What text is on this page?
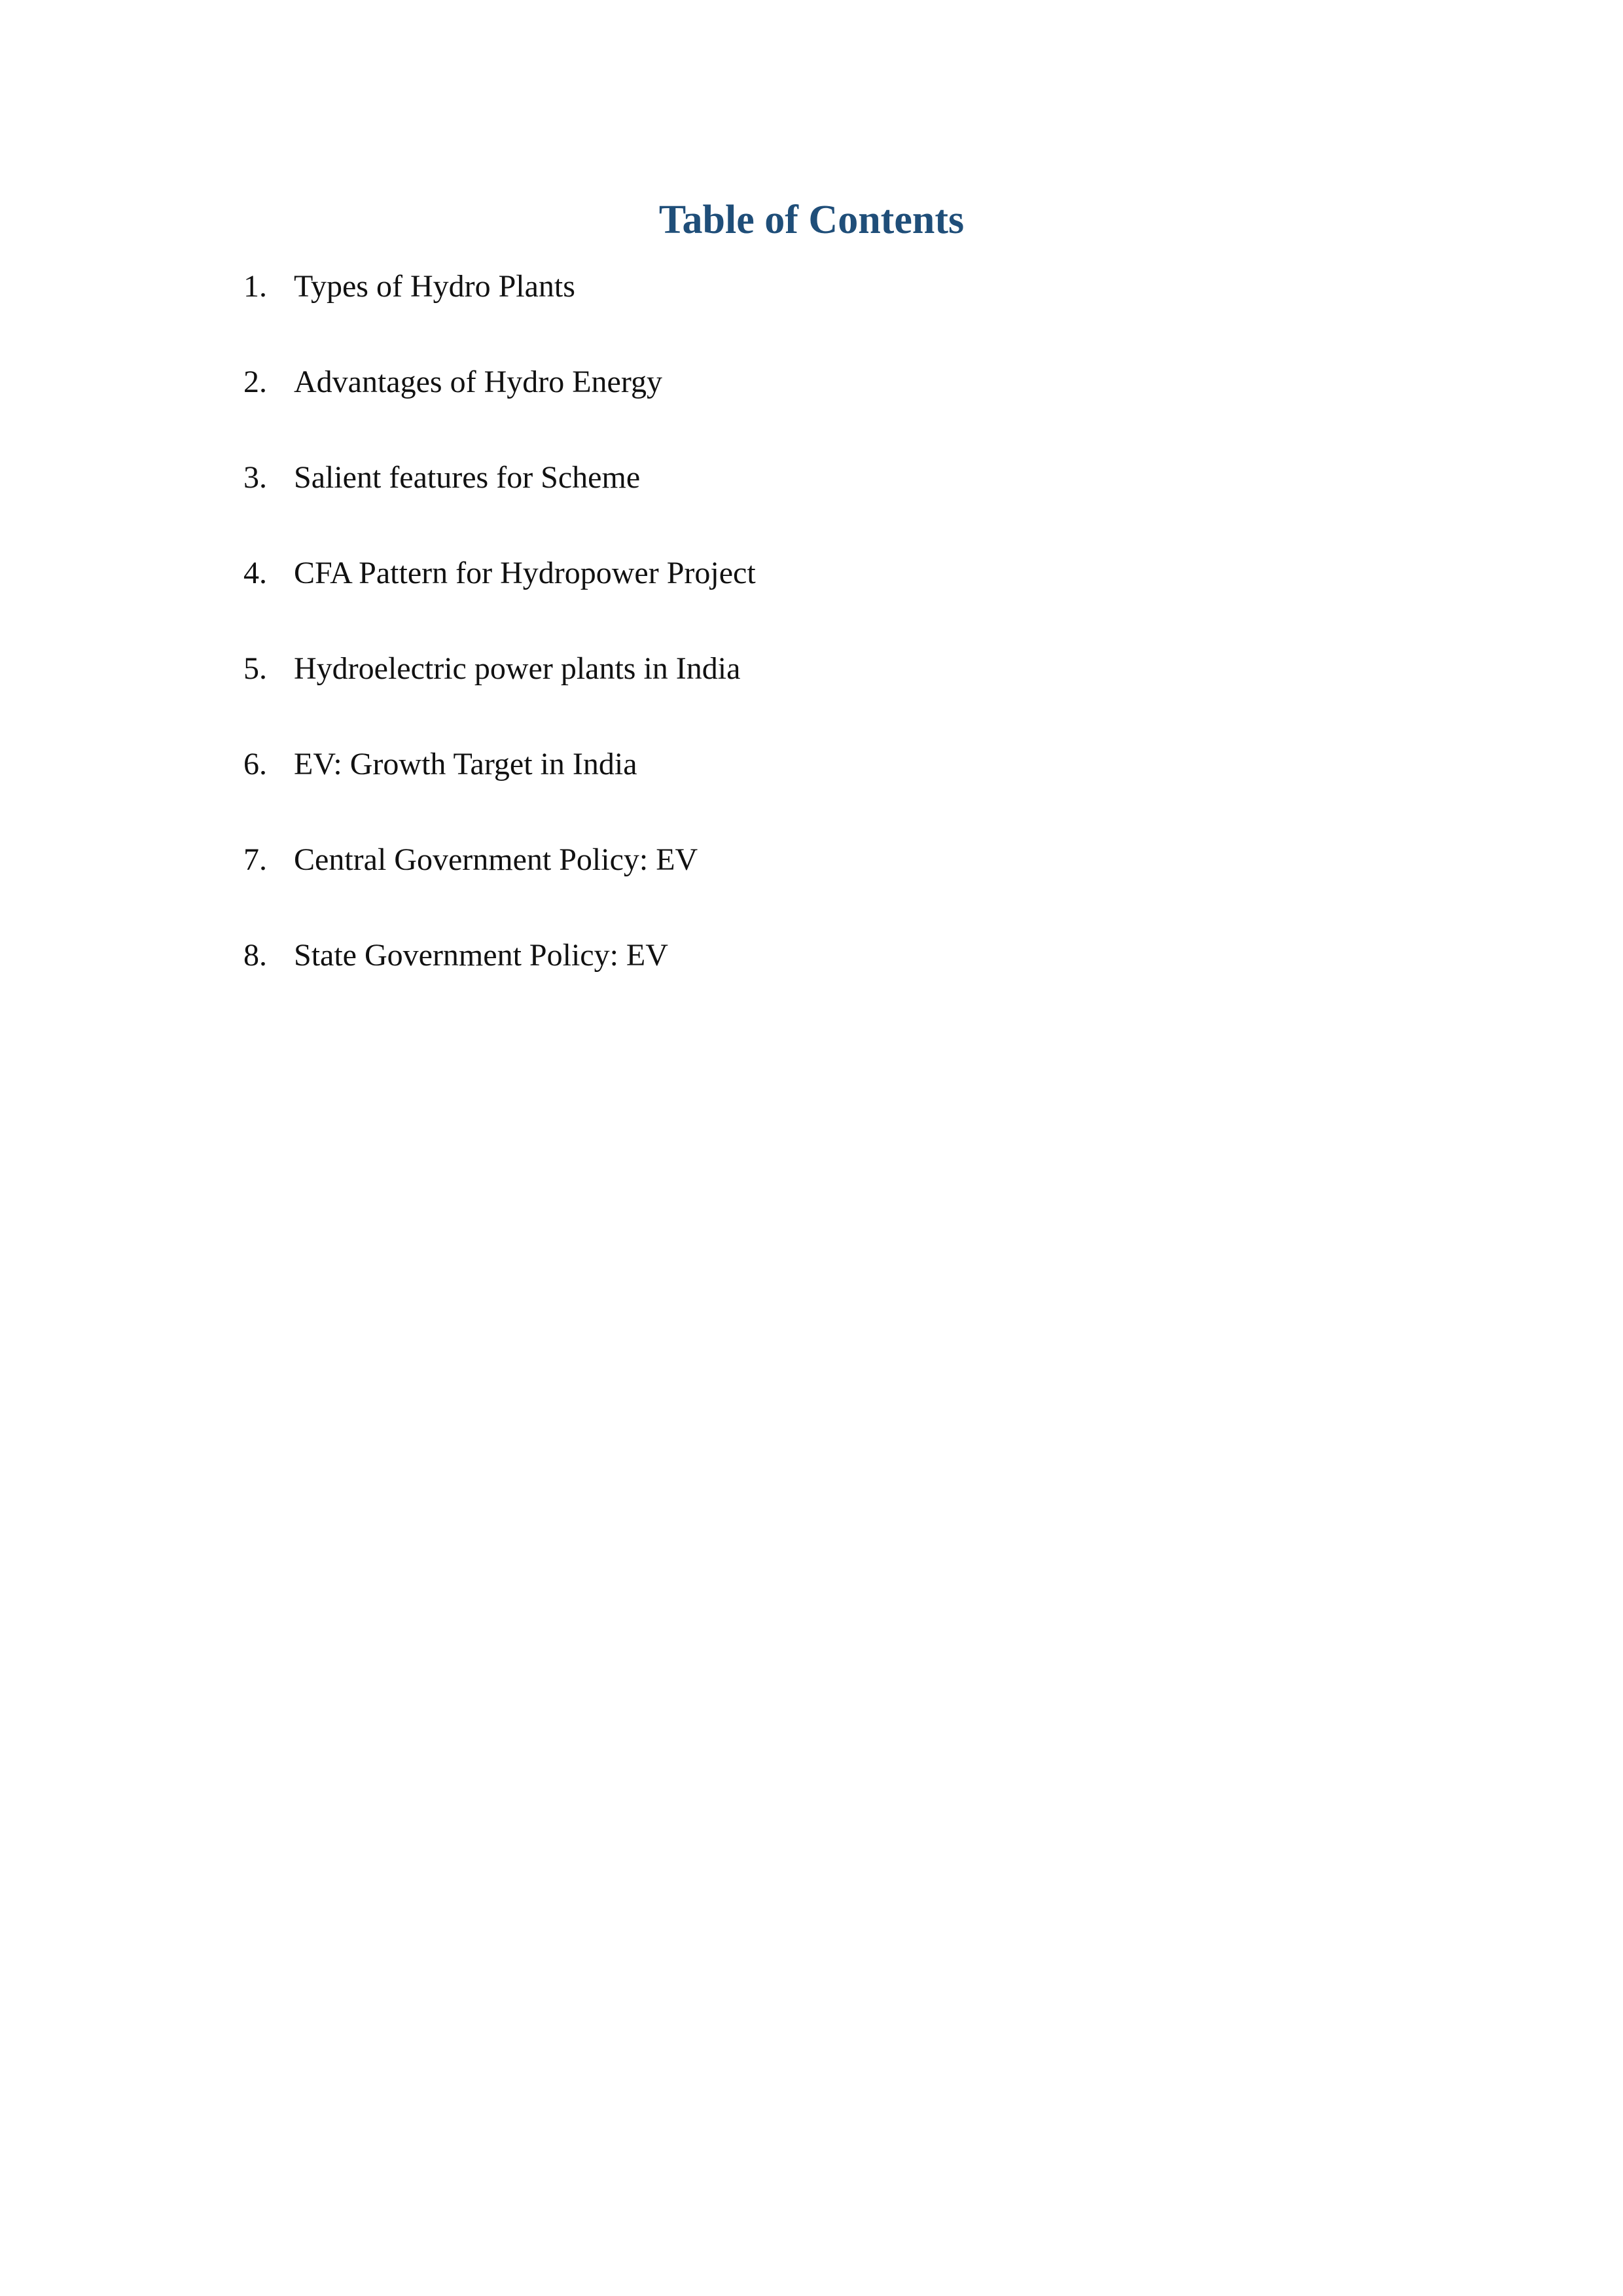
Table of Contents
1. Types of Hydro Plants
2. Advantages of Hydro Energy
3. Salient features for Scheme
4. CFA Pattern for Hydropower Project
5. Hydroelectric power plants in India
6. EV: Growth Target in India
7. Central Government Policy: EV
8. State Government Policy: EV
